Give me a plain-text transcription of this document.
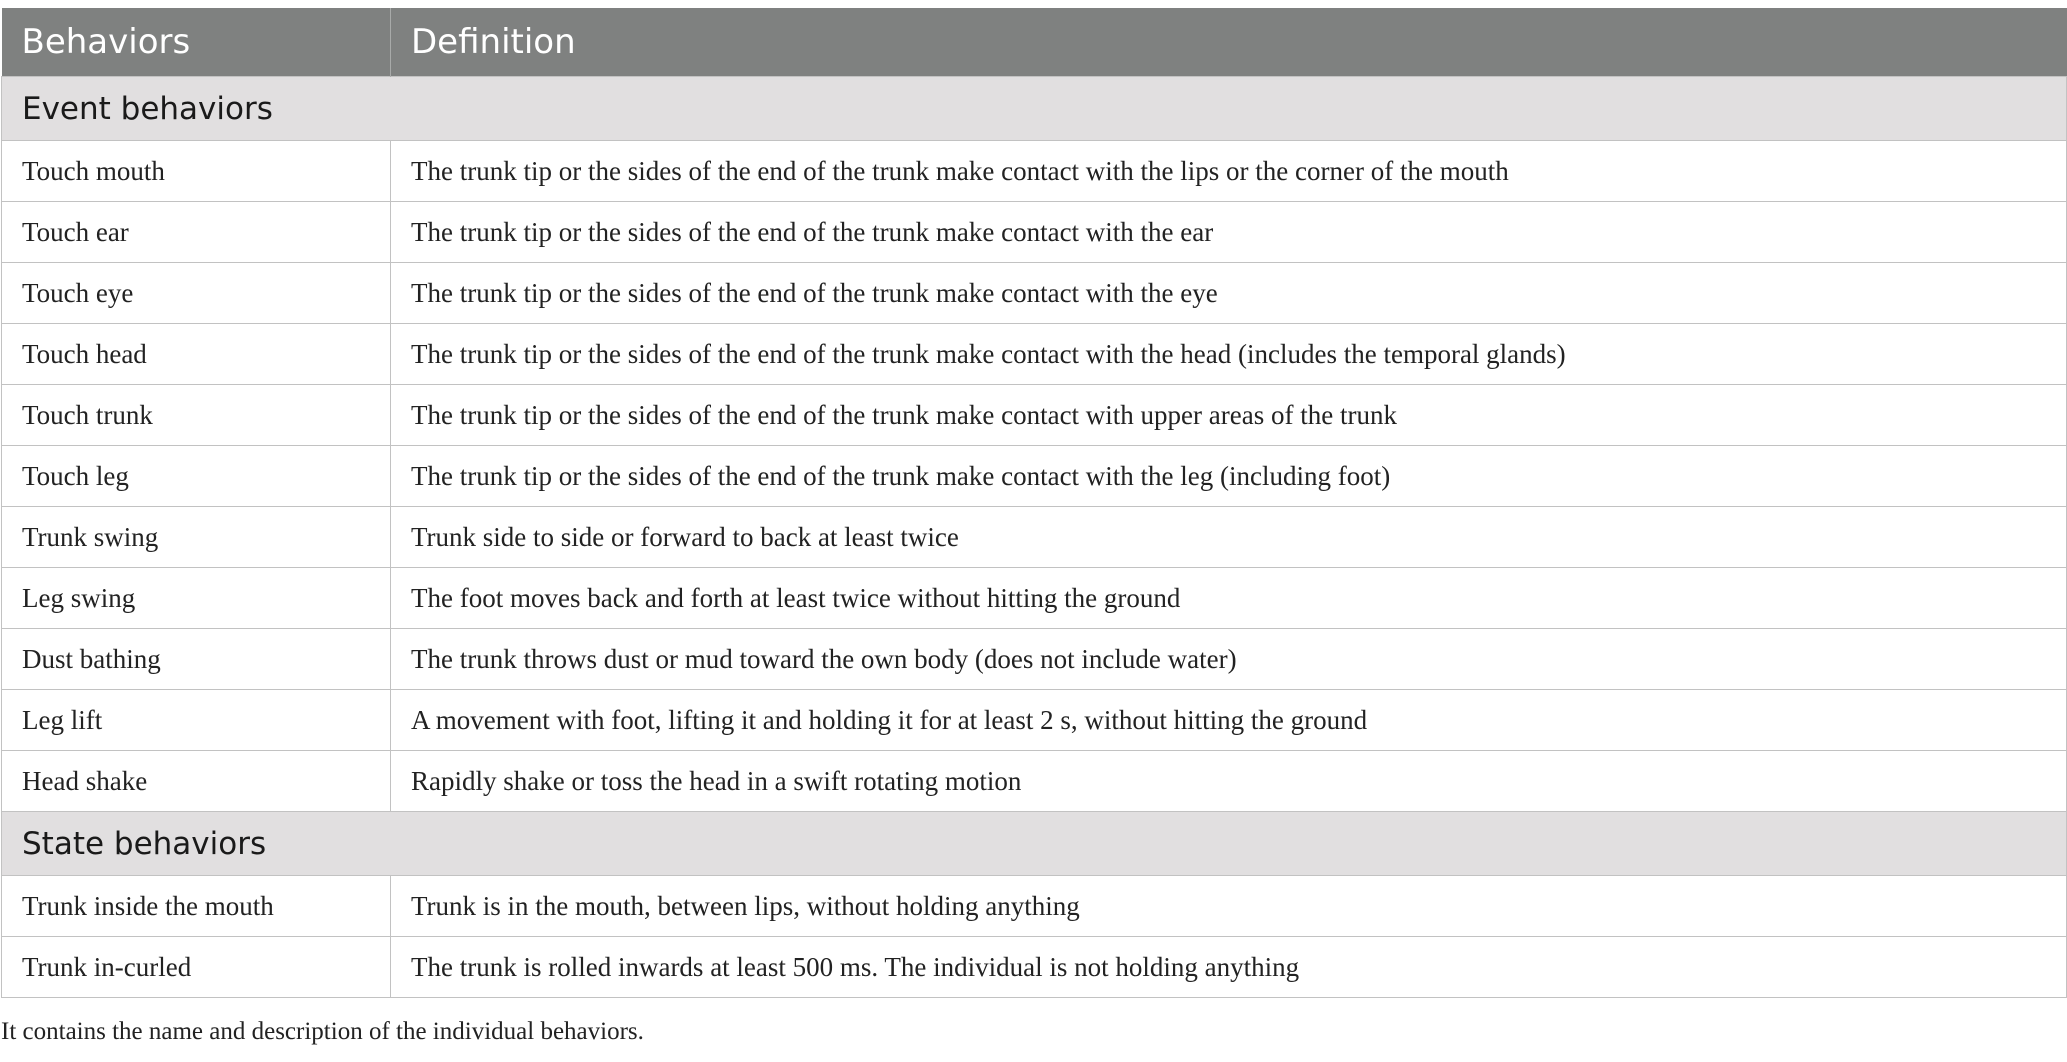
Behaviors	Definition
Event behaviors	
Touch mouth	The trunk tip or the sides of the end of the trunk make contact with the lips or the corner of the mouth
Touch ear	The trunk tip or the sides of the end of the trunk make contact with the ear
Touch eye	The trunk tip or the sides of the end of the trunk make contact with the eye
Touch head	The trunk tip or the sides of the end of the trunk make contact with the head (includes the temporal glands)
Touch trunk	The trunk tip or the sides of the end of the trunk make contact with upper areas of the trunk
Touch leg	The trunk tip or the sides of the end of the trunk make contact with the leg (including foot)
Trunk swing	Trunk side to side or forward to back at least twice
Leg swing	The foot moves back and forth at least twice without hitting the ground
Dust bathing	The trunk throws dust or mud toward the own body (does not include water)
Leg lift	A movement with foot, lifting it and holding it for at least 2 s, without hitting the ground
Head shake	Rapidly shake or toss the head in a swift rotating motion
State behaviors	
Trunk inside the mouth	Trunk is in the mouth, between lips, without holding anything
Trunk in-curled	The trunk is rolled inwards at least 500 ms. The individual is not holding anything
It contains the name and description of the individual behaviors.
